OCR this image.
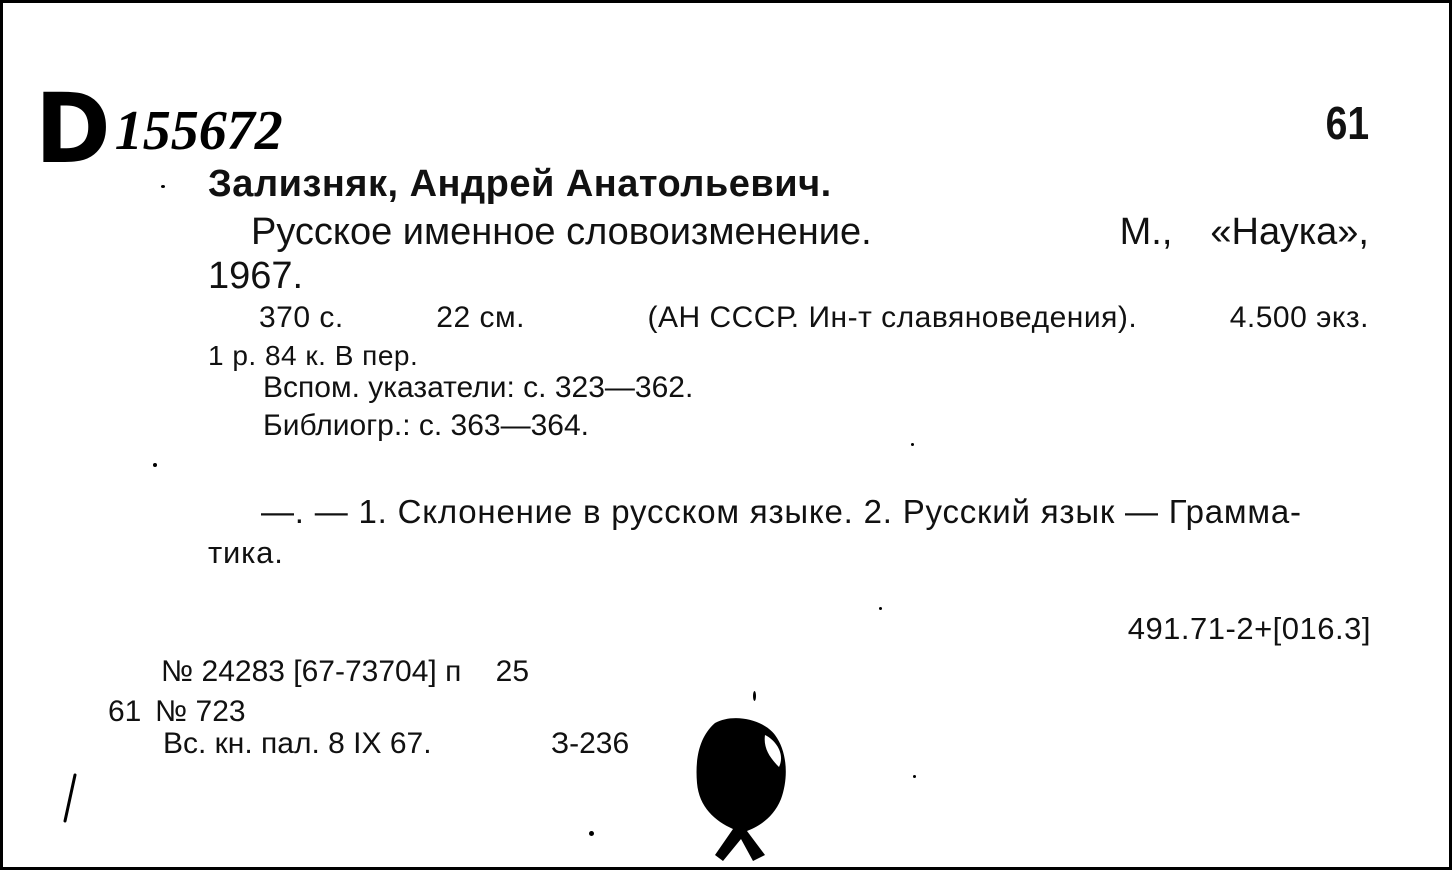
D155672	61
Зализняк, Андрей Анатольевич.
Русское именное словоизменение.	М., «Наука»,
1967.
370 с.	22 см.	(АН СССР. Ин-т славяноведения).	4.500 экз.
1 р. 84 к. В пер.
Вспом. указатели: с. 323—362.
Библиогр.: с. 363—364.
—. — 1. Склонение в русском языке. 2. Русский язык — Грамма-
тика.
491.71-2+[016.3]
№ 24283 [67-73704] п 25
61 № 723
Вс. кн. пал. 8 IX 67.	З-236
